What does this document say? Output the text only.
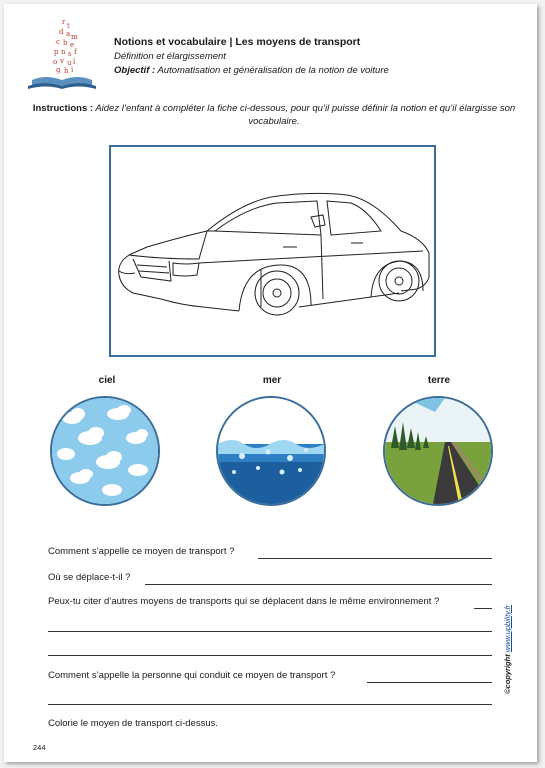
r t
d a m
c b e
p n s f
o v u l
g h i
Notions et vocabulaire | Les moyens de transport
Définition et élargissement
Objectif : Automatisation et généralisation de la notion de voiture
Instructions : Aidez l’enfant à compléter la fiche ci-dessous, pour qu’il puisse définir la notion et qu’il élargisse son vocabulaire.
ciel	mer	terre
Comment s’appelle ce moyen de transport ?
Où se déplace-t-il ?
Peux-tu citer d’autres moyens de transports qui se déplacent dans le même environnement ?
Comment s’appelle la personne qui conduit ce moyen de transport ?
Colorie le moyen de transport ci-dessus.
244
©copyright www.upbility.fr
